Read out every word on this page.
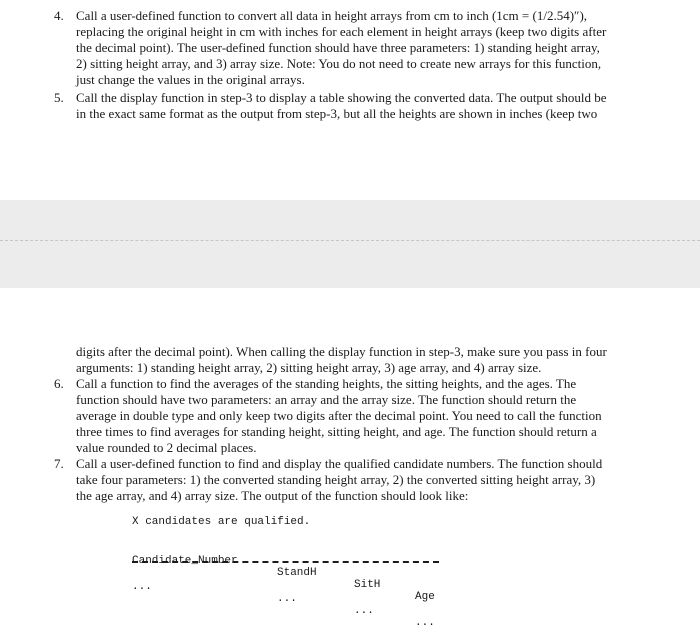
4. Call a user-defined function to convert all data in height arrays from cm to inch (1cm = (1/2.54)″),
replacing the original height in cm with inches for each element in height arrays (keep two digits after
the decimal point). The user-defined function should have three parameters: 1) standing height array,
2) sitting height array, and 3) array size. Note: You do not need to create new arrays for this function,
just change the values in the original arrays.
5. Call the display function in step-3 to display a table showing the converted data. The output should be
in the exact same format as the output from step-3, but all the heights are shown in inches (keep two
digits after the decimal point). When calling the display function in step-3, make sure you pass in four
arguments: 1) standing height array, 2) sitting height array, 3) age array, and 4) array size.
6. Call a function to find the averages of the standing heights, the sitting heights, and the ages. The
function should have two parameters: an array and the array size. The function should return the
average in double type and only keep two digits after the decimal point. You need to call the function
three times to find averages for standing height, sitting height, and age. The function should return a
value rounded to 2 decimal places.
7. Call a user-defined function to find and display the qualified candidate numbers. The function should
take four parameters: 1) the converted standing height array, 2) the converted sitting height array, 3)
the age array, and 4) array size. The output of the function should look like:
X candidates are qualified.

Candidate_Number

StandH

SitH

Age

...

...

...

...
